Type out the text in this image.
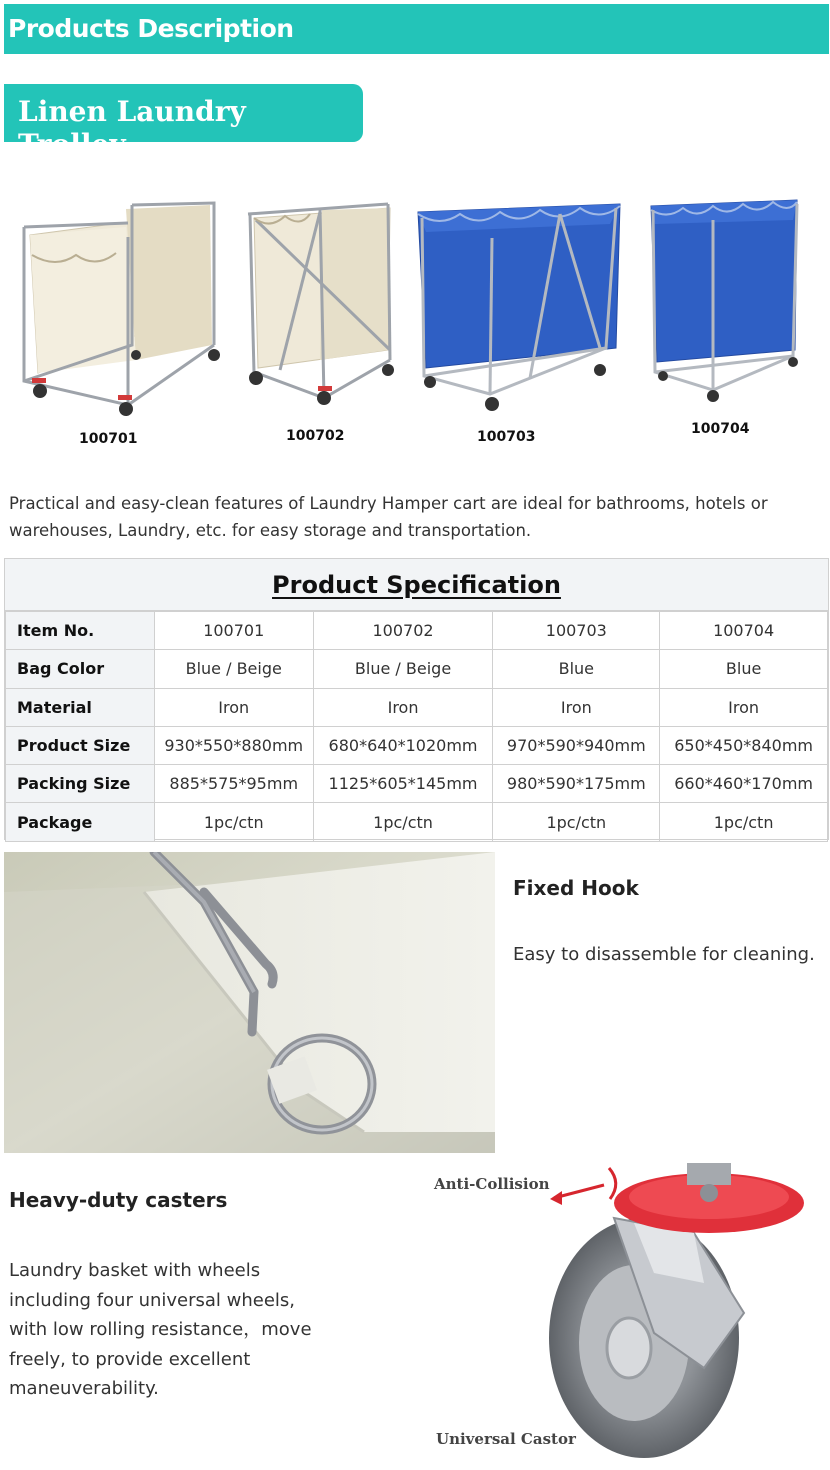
Products Description
Linen Laundry Trolley
100701	100702	100703	100704

Practical and easy-clean features of Laundry Hamper cart are ideal for bathrooms, hotels or warehouses, Laundry, etc. for easy storage and transportation.

Product Specification
Item No.	100701	100702	100703	100704
Bag Color	Blue / Beige	Blue / Beige	Blue	Blue
Material	Iron	Iron	Iron	Iron
Product Size	930*550*880mm	680*640*1020mm	970*590*940mm	650*450*840mm
Packing Size	885*575*95mm	1125*605*145mm	980*590*175mm	660*460*170mm
Package	1pc/ctn	1pc/ctn	1pc/ctn	1pc/ctn
Fixed Hook
Easy to disassemble for cleaning.
Heavy-duty casters
Laundry basket with wheels
including four universal wheels,
with low rolling resistance，move
freely, to provide excellent
maneuverability.
Anti-Collision
Universal Castor
